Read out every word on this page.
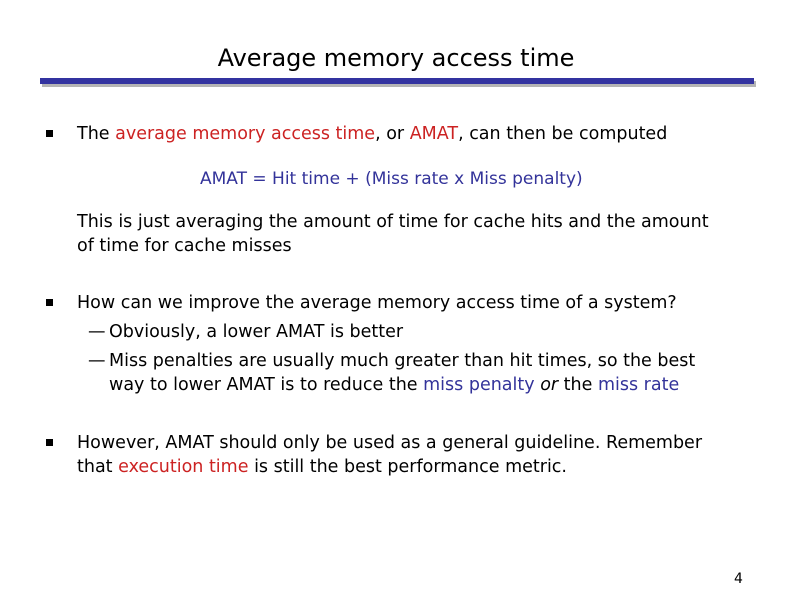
Average memory access time
The average memory access time, or AMAT, can then be computed
AMAT = Hit time + (Miss rate x Miss penalty)
This is just averaging the amount of time for cache hits and the amount
of time for cache misses
How can we improve the average memory access time of a system?
— Obviously, a lower AMAT is better
— Miss penalties are usually much greater than hit times, so the best
way to lower AMAT is to reduce the miss penalty or the miss rate
However, AMAT should only be used as a general guideline. Remember
that execution time is still the best performance metric.
4
